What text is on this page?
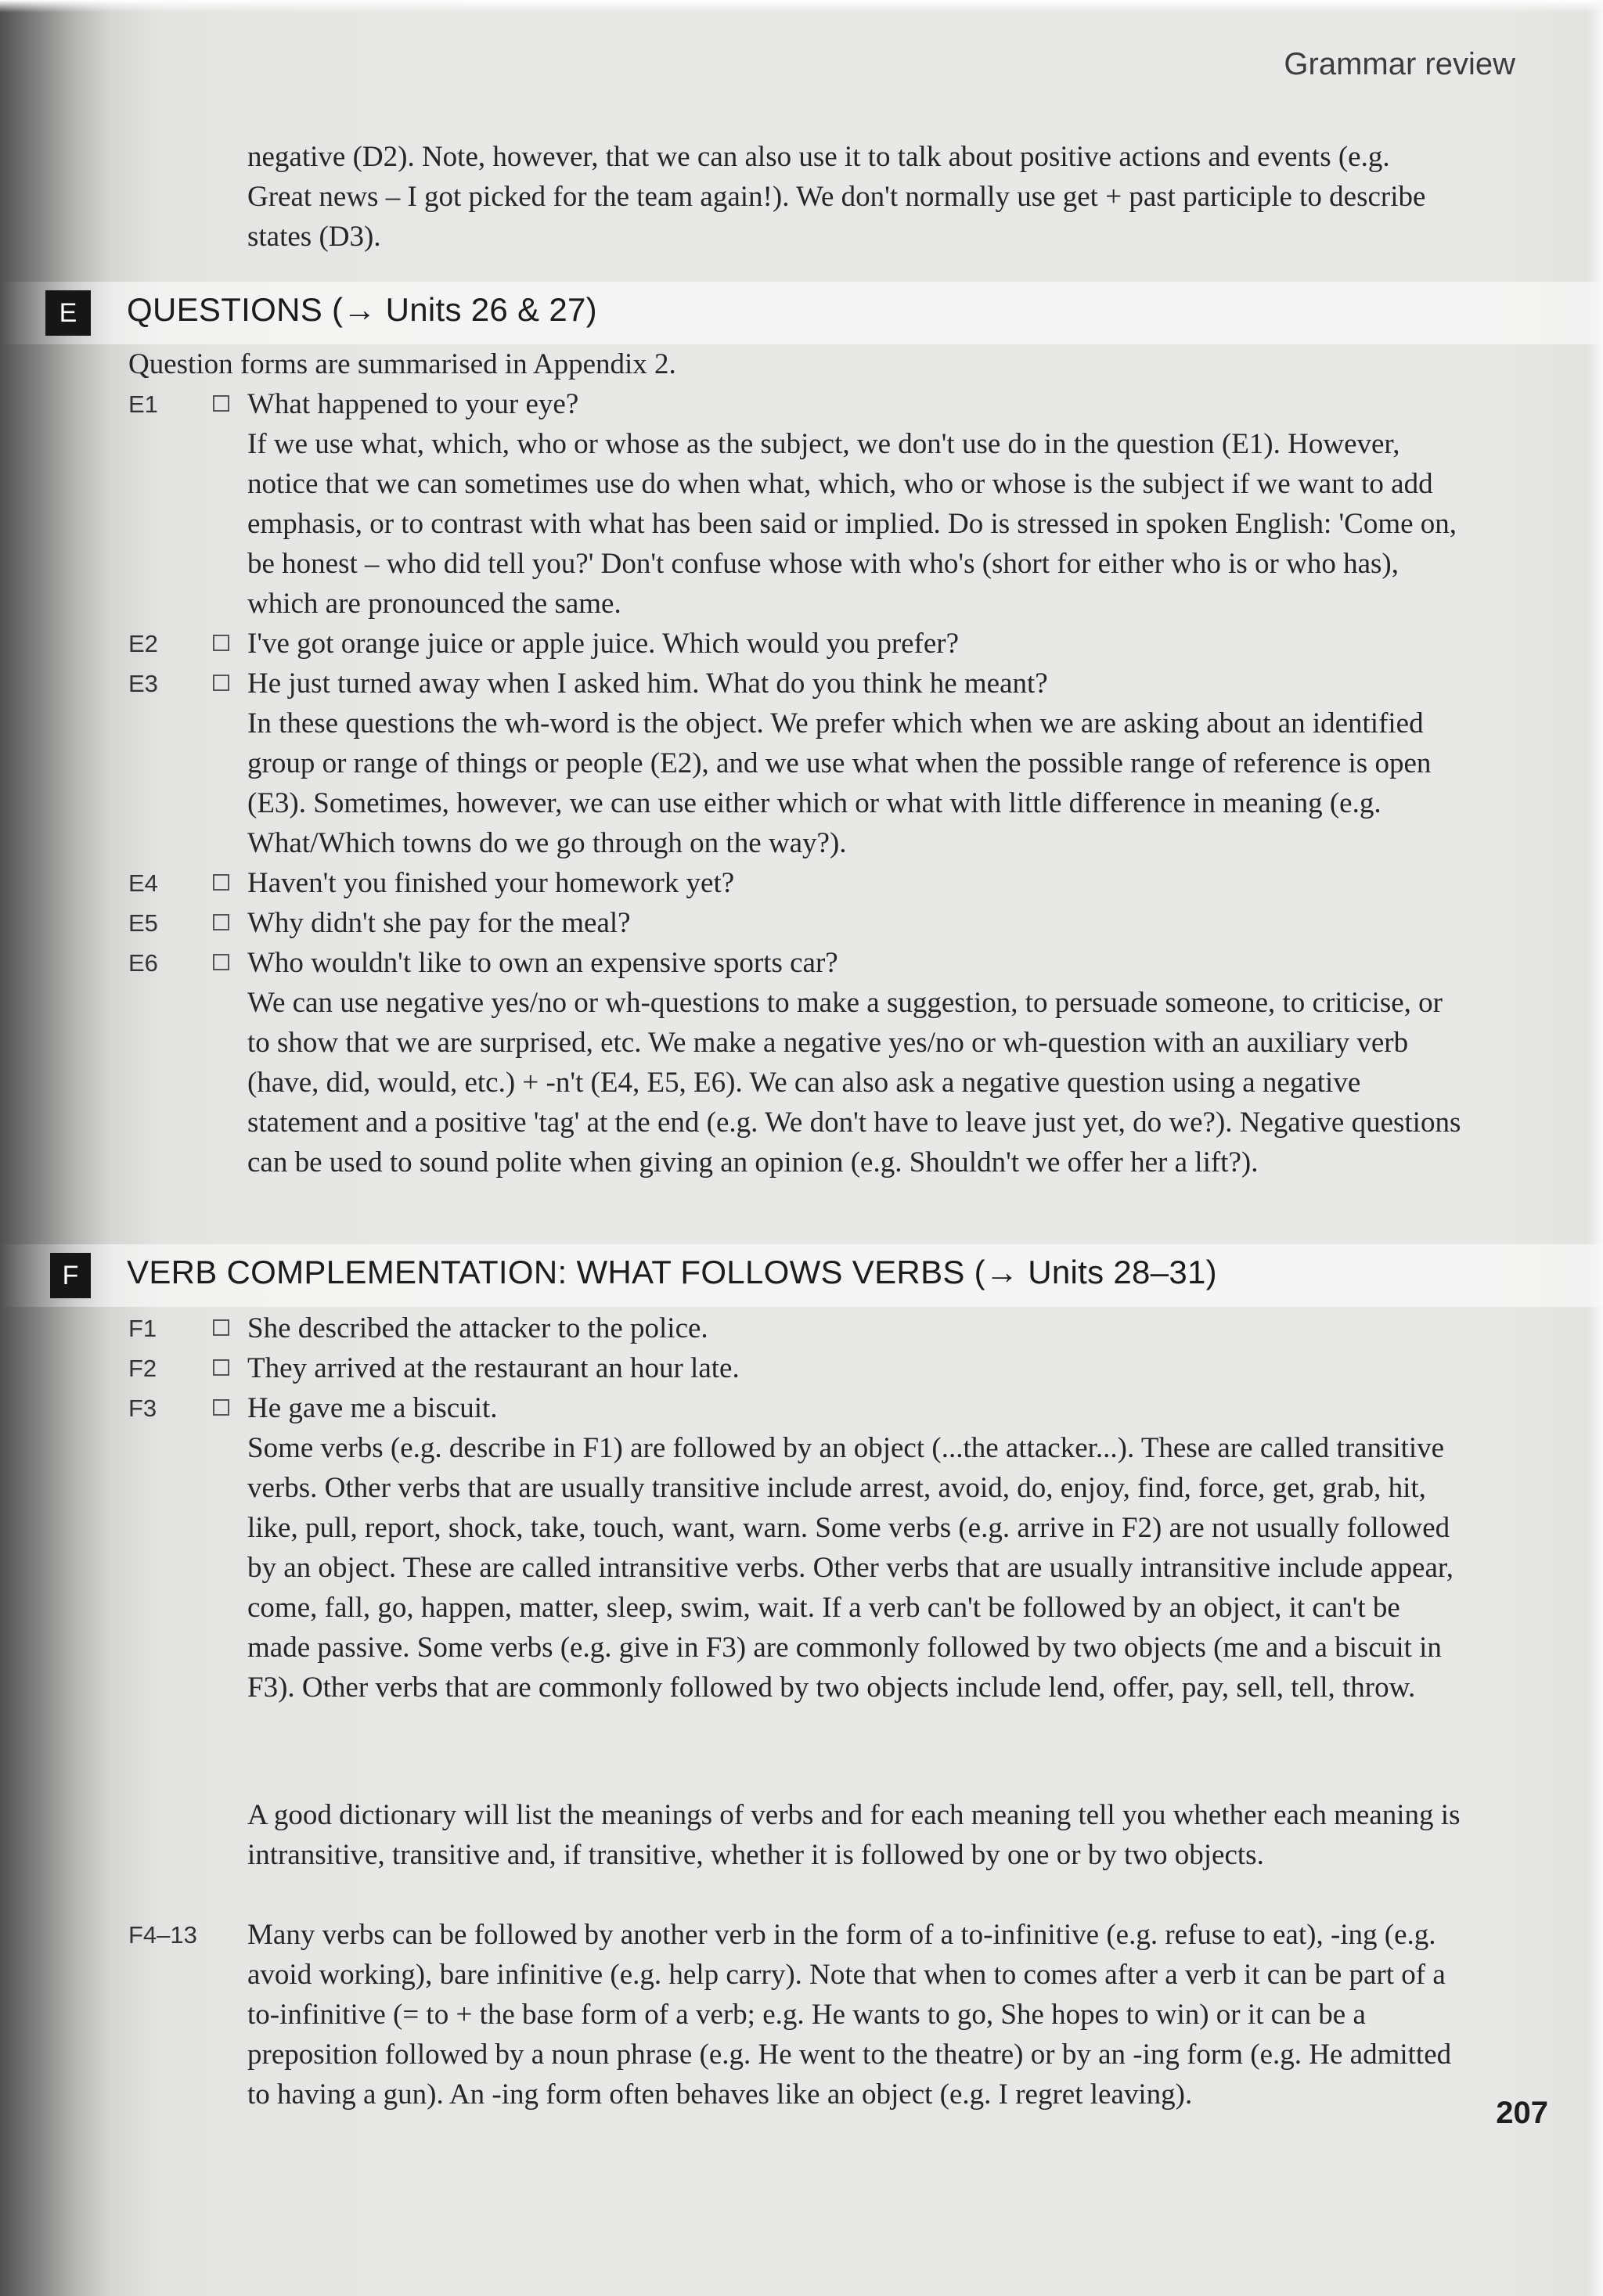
Grammar review

negative (D2). Note, however, that we can also use it to talk about positive actions and events (e.g. Great news – I got picked for the team again!). We don't normally use get + past participle to describe states (D3).

E	QUESTIONS (→ Units 26 & 27)

Question forms are summarised in Appendix 2.

E1	What happened to your eye?

If we use what, which, who or whose as the subject, we don't use do in the question (E1). However, notice that we can sometimes use do when what, which, who or whose is the subject if we want to add emphasis, or to contrast with what has been said or implied. Do is stressed in spoken English: 'Come on, be honest – who did tell you?' Don't confuse whose with who's (short for either who is or who has), which are pronounced the same.

E2	I've got orange juice or apple juice. Which would you prefer?
E3	He just turned away when I asked him. What do you think he meant?

In these questions the wh-word is the object. We prefer which when we are asking about an identified group or range of things or people (E2), and we use what when the possible range of reference is open (E3). Sometimes, however, we can use either which or what with little difference in meaning (e.g. What/Which towns do we go through on the way?).

E4	Haven't you finished your homework yet?
E5	Why didn't she pay for the meal?
E6	Who wouldn't like to own an expensive sports car?

We can use negative yes/no or wh-questions to make a suggestion, to persuade someone, to criticise, or to show that we are surprised, etc. We make a negative yes/no or wh-question with an auxiliary verb (have, did, would, etc.) + -n't (E4, E5, E6). We can also ask a negative question using a negative statement and a positive 'tag' at the end (e.g. We don't have to leave just yet, do we?). Negative questions can be used to sound polite when giving an opinion (e.g. Shouldn't we offer her a lift?).

F	VERB COMPLEMENTATION: WHAT FOLLOWS VERBS (→ Units 28–31)
F1	She described the attacker to the police.
F2	They arrived at the restaurant an hour late.
F3	He gave me a biscuit.

Some verbs (e.g. describe in F1) are followed by an object (...the attacker...). These are called transitive verbs. Other verbs that are usually transitive include arrest, avoid, do, enjoy, find, force, get, grab, hit, like, pull, report, shock, take, touch, want, warn. Some verbs (e.g. arrive in F2) are not usually followed by an object. These are called intransitive verbs. Other verbs that are usually intransitive include appear, come, fall, go, happen, matter, sleep, swim, wait. If a verb can't be followed by an object, it can't be made passive. Some verbs (e.g. give in F3) are commonly followed by two objects (me and a biscuit in F3). Other verbs that are commonly followed by two objects include lend, offer, pay, sell, tell, throw.

A good dictionary will list the meanings of verbs and for each meaning tell you whether each meaning is intransitive, transitive and, if transitive, whether it is followed by one or by two objects.

F4–13 Many verbs can be followed by another verb in the form of a to-infinitive (e.g. refuse to eat), -ing (e.g. avoid working), bare infinitive (e.g. help carry). Note that when to comes after a verb it can be part of a to-infinitive (= to + the base form of a verb; e.g. He wants to go, She hopes to win) or it can be a preposition followed by a noun phrase (e.g. He went to the theatre) or by an -ing form (e.g. He admitted to having a gun). An -ing form often behaves like an object (e.g. I regret leaving).

207
